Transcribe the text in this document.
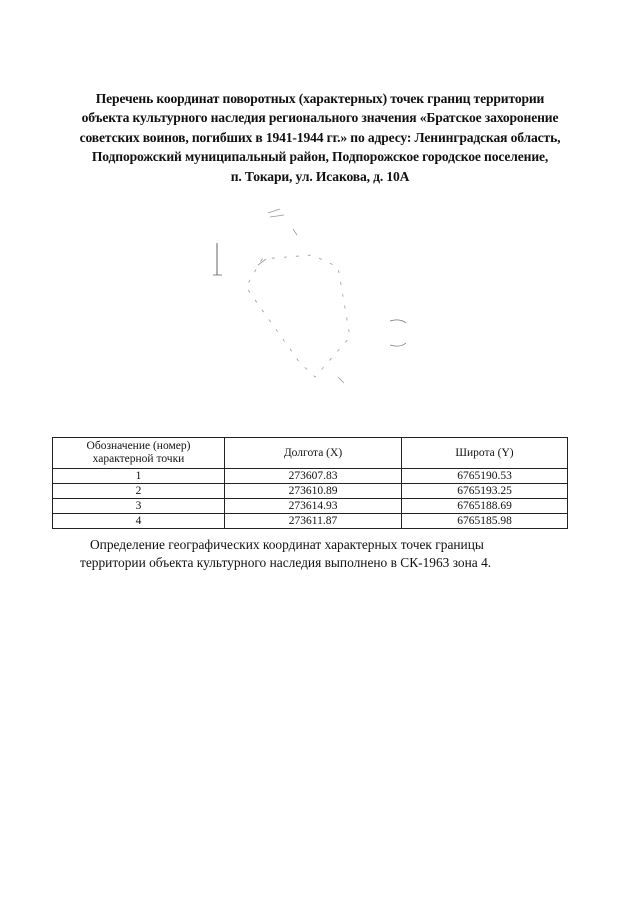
Перечень координат поворотных (характерных) точек границ территории
объекта культурного наследия регионального значения «Братское захоронение
советских воинов, погибших в 1941-1944 гг.» по адресу: Ленинградская область,
Подпорожский муниципальный район, Подпорожское городское поселение,
п. Токари, ул. Исакова, д. 10А
Обозначение (номер) характерной точки	Долгота (X)	Широта (Y)
1	273607.83	6765190.53
2	273610.89	6765193.25
3	273614.93	6765188.69
4	273611.87	6765185.98
Определение географических координат характерных точек границы
территории объекта культурного наследия выполнено в СК-1963 зона 4.
